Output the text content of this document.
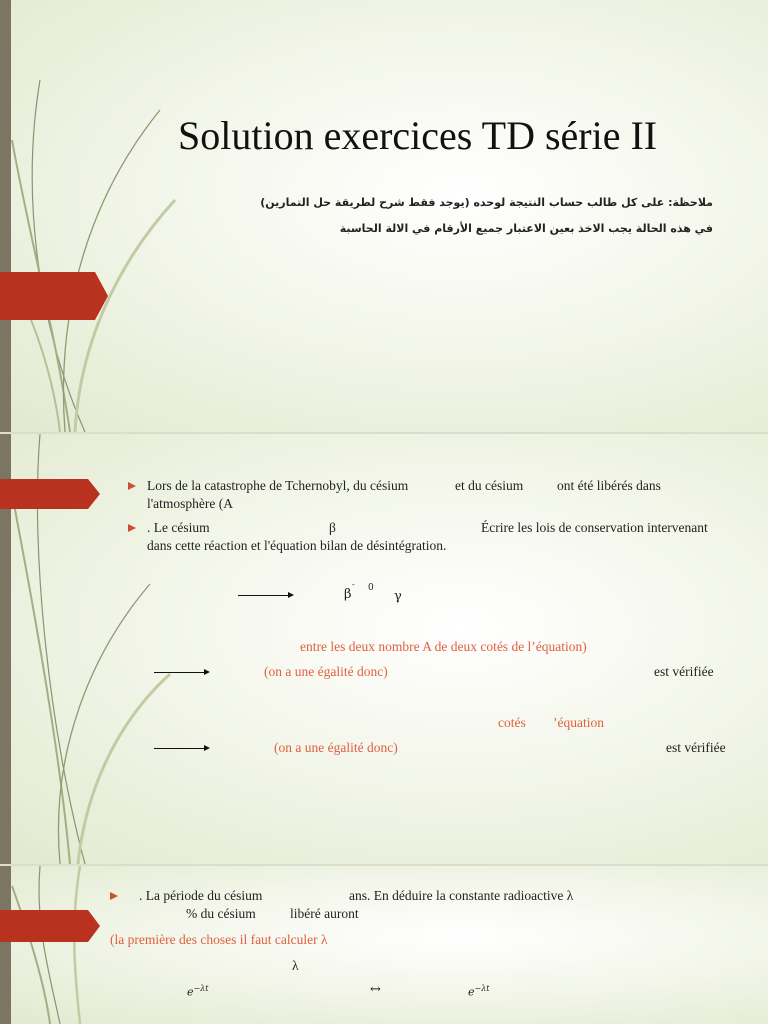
Solution exercices TD série II
ملاحظة: على كل طالب حساب النتيجة لوحده (يوجد فقط شرح لطريقة حل التمارين)
في هذه الحالة يجب الاخذ بعين الاعتبار جميع الأرقام في الالة الحاسبة
Lors de la catastrophe de Tchernobyl, du césium	et du césium	ont été libérés dans
l'atmosphère (A
. Le césium	β	Écrire les lois de conservation intervenant
dans cette réaction et l'équation bilan de désintégration.
β
- 0
γ
entre les deux nombre A de deux cotés de l’équation)
(on a une égalité donc)	est vérifiée
cotés ’équation
(on a une égalité donc)	est vérifiée
. La période du césium	ans. En déduire la constante radioactive λ
% du césium	libéré auront
(la première des choses il faut calculer λ
λ
$e^{-\lambda t}$	↔	$e^{-\lambda t}$
